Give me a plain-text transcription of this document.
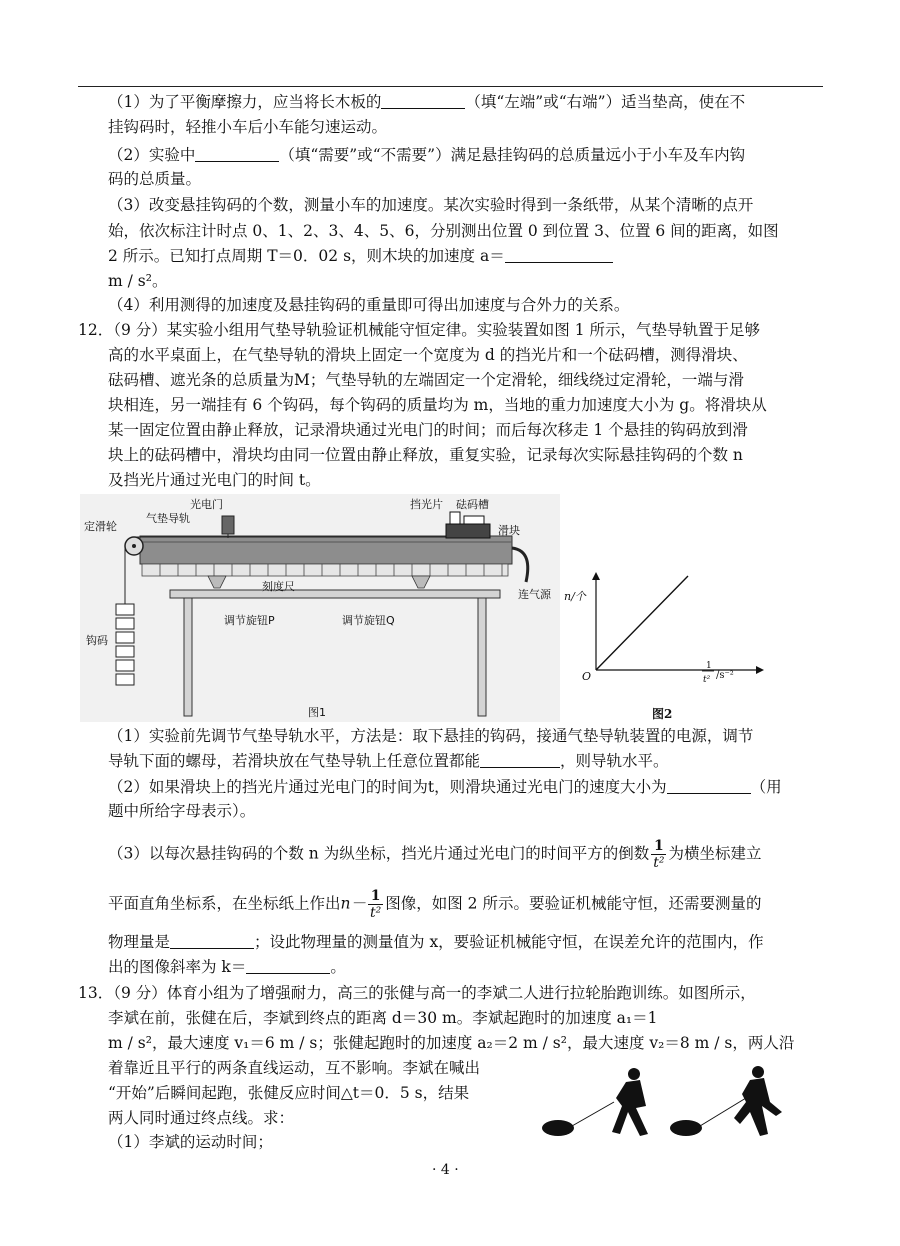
（1）为了平衡摩擦力，应当将长木板的	（填“左端”或“右端”）适当垫高，使在不
挂钩码时，轻推小车后小车能匀速运动。
（2）实验中	（填“需要”或“不需要”）满足悬挂钩码的总质量远小于小车及车内钩
码的总质量。
（3）改变悬挂钩码的个数，测量小车的加速度。某次实验时得到一条纸带，从某个清晰的点开
始，依次标注计时点 0、1、2、3、4、5、6，分别测出位置 0 到位置 3、位置 6 间的距离，如图
2 所示。已知打点周期 T＝0．02 s，则木块的加速度 a＝
m / s²。
（4）利用测得的加速度及悬挂钩码的重量即可得出加速度与合外力的关系。
12．（9 分）某实验小组用气垫导轨验证机械能守恒定律。实验装置如图 1 所示，气垫导轨置于足够
高的水平桌面上，在气垫导轨的滑块上固定一个宽度为 d 的挡光片和一个砝码槽，测得滑块、
砝码槽、遮光条的总质量为M；气垫导轨的左端固定一个定滑轮，细线绕过定滑轮，一端与滑
块相连，另一端挂有 6 个钩码，每个钩码的质量均为 m，当地的重力加速度大小为 g。将滑块从
某一固定位置由静止释放，记录滑块通过光电门的时间；而后每次移走 1 个悬挂的钩码放到滑
块上的砝码槽中，滑块均由同一位置由静止释放，重复实验，记录每次实际悬挂钩码的个数 n
及挡光片通过光电门的时间 t。
定滑轮
气垫导轨
光电门	挡光片 砝码槽
滑块
刻度尺
连气源
钩码
调节旋钮P	调节旋钮Q
图1
n/个
O
1
t² /s⁻²
图2
（1）实验前先调节气垫导轨水平，方法是：取下悬挂的钩码，接通气垫导轨装置的电源，调节
导轨下面的螺母，若滑块放在气垫导轨上任意位置都能	，则导轨水平。
（2）如果滑块上的挡光片通过光电门的时间为t，则滑块通过光电门的速度大小为	（用
题中所给字母表示）。
（3）以每次悬挂钩码的个数 n 为纵坐标，挡光片通过光电门的时间平方的倒数 $\frac{1}{\text{t²}}$ 为横坐标建立
平面直角坐标系，在坐标纸上作出$n- \frac{1}{\text{t²}}$ 图像，如图 2 所示。要验证机械能守恒，还需要测量的
物理量是	；设此物理量的测量值为 x，要验证机械能守恒，在误差允许的范围内，作
出的图像斜率为 k＝	。
13．（9 分）体育小组为了增强耐力，高三的张健与高一的李斌二人进行拉轮胎跑训练。如图所示，
李斌在前，张健在后，李斌到终点的距离 d＝30 m。李斌起跑时的加速度 a₁＝1
m / s²，最大速度 v₁＝6 m / s；张健起跑时的加速度 a₂＝2 m / s²，最大速度 v₂＝8 m / s，两人沿
着靠近且平行的两条直线运动，互不影响。李斌在喊出
“开始”后瞬间起跑，张健反应时间△t＝0．5 s，结果
两人同时通过终点线。求：
（1）李斌的运动时间；
· 4 ·
